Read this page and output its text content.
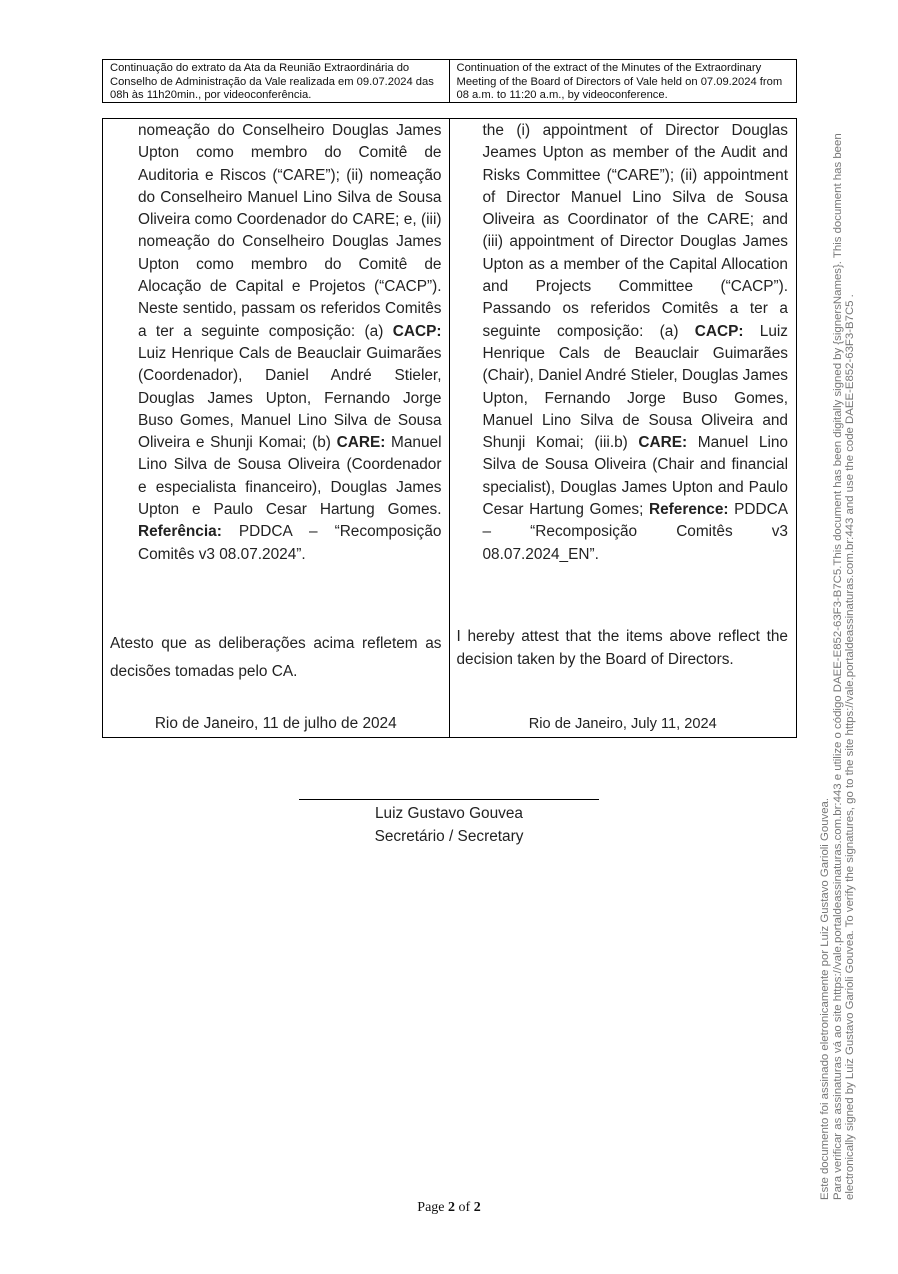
Continuação do extrato da Ata da Reunião Extraordinária do Conselho de Administração da Vale realizada em 09.07.2024 das 08h às 11h20min., por videoconferência.
Continuation of the extract of the Minutes of the Extraordinary Meeting of the Board of Directors of Vale held on 07.09.2024 from 08 a.m. to 11:20 a.m., by videoconference.
nomeação do Conselheiro Douglas James Upton como membro do Comitê de Auditoria e Riscos (“CARE”); (ii) nomeação do Conselheiro Manuel Lino Silva de Sousa Oliveira como Coordenador do CARE; e, (iii) nomeação do Conselheiro Douglas James Upton como membro do Comitê de Alocação de Capital e Projetos (“CACP”). Neste sentido, passam os referidos Comitês a ter a seguinte composição: (a) CACP: Luiz Henrique Cals de Beauclair Guimarães (Coordenador), Daniel André Stieler, Douglas James Upton, Fernando Jorge Buso Gomes, Manuel Lino Silva de Sousa Oliveira e Shunji Komai; (b) CARE: Manuel Lino Silva de Sousa Oliveira (Coordenador e especialista financeiro), Douglas James Upton e Paulo Cesar Hartung Gomes. Referência: PDDCA – “Recomposição Comitês v3 08.07.2024”.
Atesto que as deliberações acima refletem as decisões tomadas pelo CA.
Rio de Janeiro, 11 de julho de 2024
the (i) appointment of Director Douglas Jeames Upton as member of the Audit and Risks Committee (“CARE”); (ii) appointment of Director Manuel Lino Silva de Sousa Oliveira as Coordinator of the CARE; and (iii) appointment of Director Douglas James Upton as a member of the Capital Allocation and Projects Committee (“CACP”). Passando os referidos Comitês a ter a seguinte composição: (a) CACP: Luiz Henrique Cals de Beauclair Guimarães (Chair), Daniel André Stieler, Douglas James Upton, Fernando Jorge Buso Gomes, Manuel Lino Silva de Sousa Oliveira and Shunji Komai; (iii.b) CARE: Manuel Lino Silva de Sousa Oliveira (Chair and financial specialist), Douglas James Upton and Paulo Cesar Hartung Gomes; Reference: PDDCA – “Recomposição Comitês v3 08.07.2024_EN”.
I hereby attest that the items above reflect the decision taken by the Board of Directors.
Rio de Janeiro, July 11, 2024
Luiz Gustavo Gouvea
Secretário / Secretary
Page 2 of 2
Este documento foi assinado eletronicamente por Luiz Gustavo Garioli Gouvea. Para verificar as assinaturas vá ao site https://vale.portaldeassinaturas.com.br:443 e utilize o código DAEE-E852-63F3-B7C5.This document has been digitally signed by {signersNames}. This document has been electronically signed by Luiz Gustavo Garioli Gouvea. To verify the signatures, go to the site https://vale.portaldeassinaturas.com.br:443 and use the code DAEE-E852-63F3-B7C5 .
